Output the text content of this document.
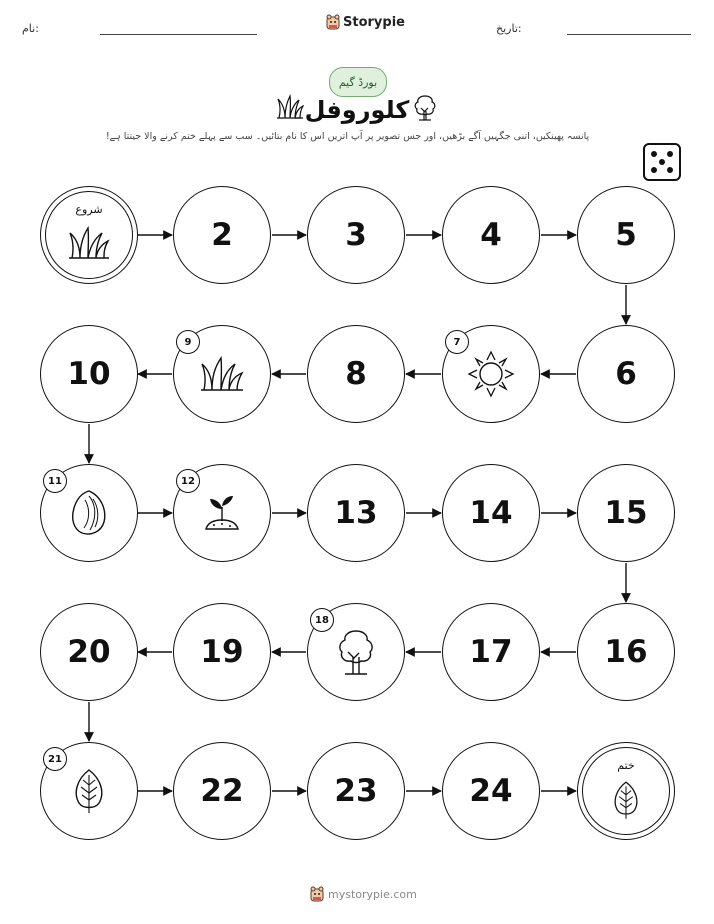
نام:	Storypie	تاریخ:
بورڈ گیم
کلوروفل
پانسہ پھینکیں، اتنی جگہیں آگے بڑھیں، اور جس تصویر پر آپ اتریں اس کا نام بتائیں۔ سب سے پہلے ختم کرنے والا جیتتا ہے!
شروع
2	3	4	5
10
9
8
7
6
11	12
13	14	15
20	19
18
17	16
21
22	23	24
ختم
mystorypie.com
